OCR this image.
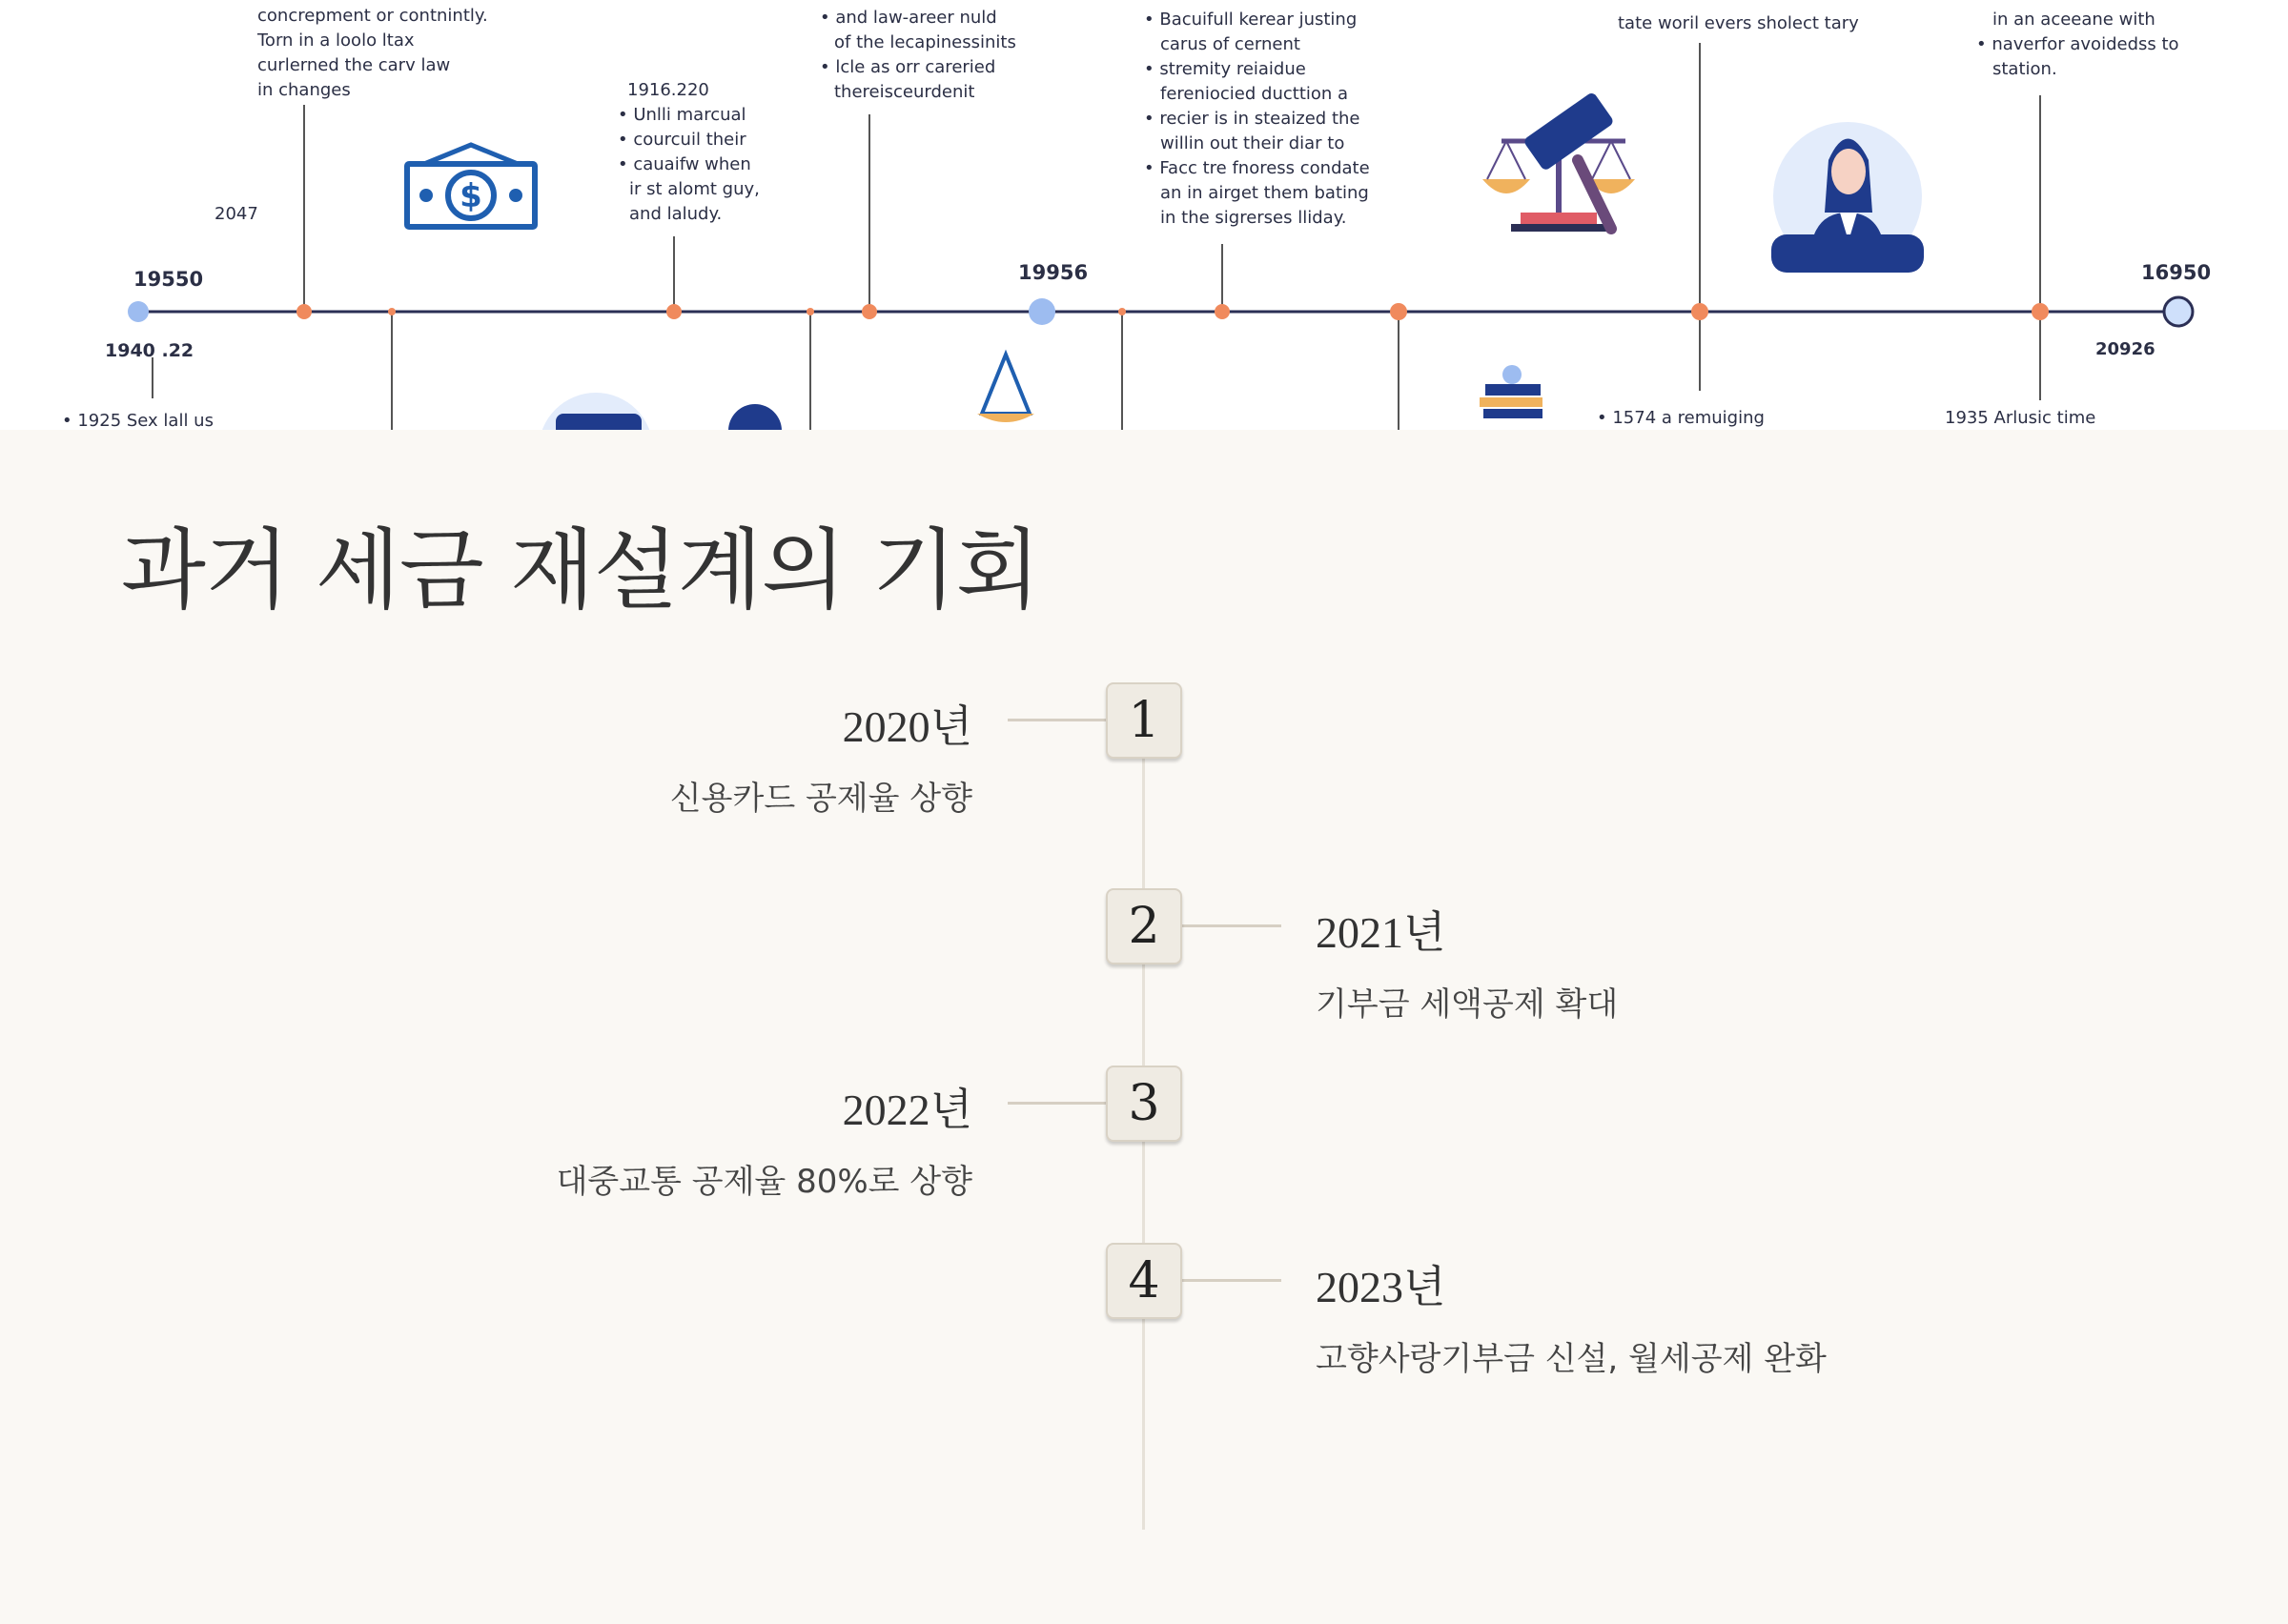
$
concrepment or contnintly.
Torn in a loolo ltax
curlerned the carv law
in changes
• and law-areer nuld
of the lecapinessinits
• lcle as orr careried
thereisceurdenit
• Bacuifull kerear justing
carus of cernent
• stremity reiaidue
fereniocied ducttion a
• recier is in steaized the
willin out their diar to
• Facc tre fnoress condate
an in airget them bating
in the sigrerses lliday.
tate woril evers sholect tary	in an aceeane with
• naverfor avoidedss to
station.
1916.220
• Unlli marcual
• courcuil their
• cauaifw when
ir st alomt guy,
and laludy.
2047
19550	19956	16950
1940 .22	20926
• 1925 Sex lall us	• 1574 a remuiging	1935 Arlusic time
과거 세금 재설계의 기회
1
2020년
신용카드 공제율 상향
2	2021년
기부금 세액공제 확대
3
2022년
대중교통 공제율 80%로 상향
4	2023년
고향사랑기부금 신설, 월세공제 완화
